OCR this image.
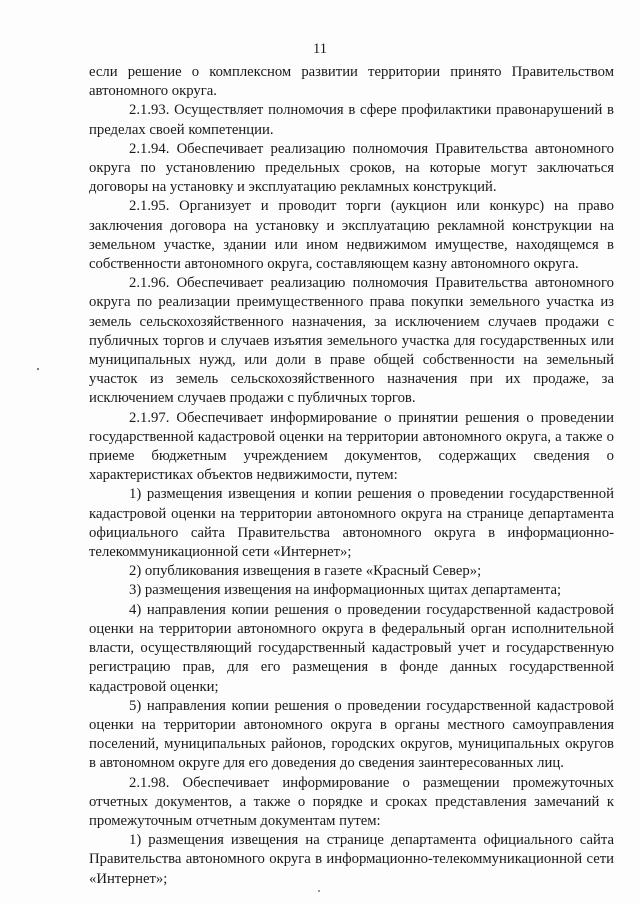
11

если решение о комплексном развитии территории принято Правительством автономного округа.

2.1.93. Осуществляет полномочия в сфере профилактики правонарушений в пределах своей компетенции.

2.1.94. Обеспечивает реализацию полномочия Правительства автономного округа по установлению предельных сроков, на которые могут заключаться договоры на установку и эксплуатацию рекламных конструкций.

2.1.95. Организует и проводит торги (аукцион или конкурс) на право заключения договора на установку и эксплуатацию рекламной конструкции на земельном участке, здании или ином недвижимом имуществе, находящемся в собственности автономного округа, составляющем казну автономного округа.

2.1.96. Обеспечивает реализацию полномочия Правительства автономного округа по реализации преимущественного права покупки земельного участка из земель сельскохозяйственного назначения, за исключением случаев продажи с публичных торгов и случаев изъятия земельного участка для государственных или муниципальных нужд, или доли в праве общей собственности на земельный участок из земель сельскохозяйственного назначения при их продаже, за исключением случаев продажи с публичных торгов.

2.1.97. Обеспечивает информирование о принятии решения о проведении государственной кадастровой оценки на территории автономного округа, а также о приеме бюджетным учреждением документов, содержащих сведения о характеристиках объектов недвижимости, путем:

1) размещения извещения и копии решения о проведении государственной кадастровой оценки на территории автономного округа на странице департамента официального сайта Правительства автономного округа в информационно-телекоммуникационной сети «Интернет»;

2) опубликования извещения в газете «Красный Север»;

3) размещения извещения на информационных щитах департамента;

4) направления копии решения о проведении государственной кадастровой оценки на территории автономного округа в федеральный орган исполнительной власти, осуществляющий государственный кадастровый учет и государственную регистрацию прав, для его размещения в фонде данных государственной кадастровой оценки;

5) направления копии решения о проведении государственной кадастровой оценки на территории автономного округа в органы местного самоуправления поселений, муниципальных районов, городских округов, муниципальных округов в автономном округе для его доведения до сведения заинтересованных лиц.

2.1.98. Обеспечивает информирование о размещении промежуточных отчетных документов, а также о порядке и сроках представления замечаний к промежуточным отчетным документам путем:

1) размещения извещения на странице департамента официального сайта Правительства автономного округа в информационно-телекоммуникационной сети «Интернет»;
